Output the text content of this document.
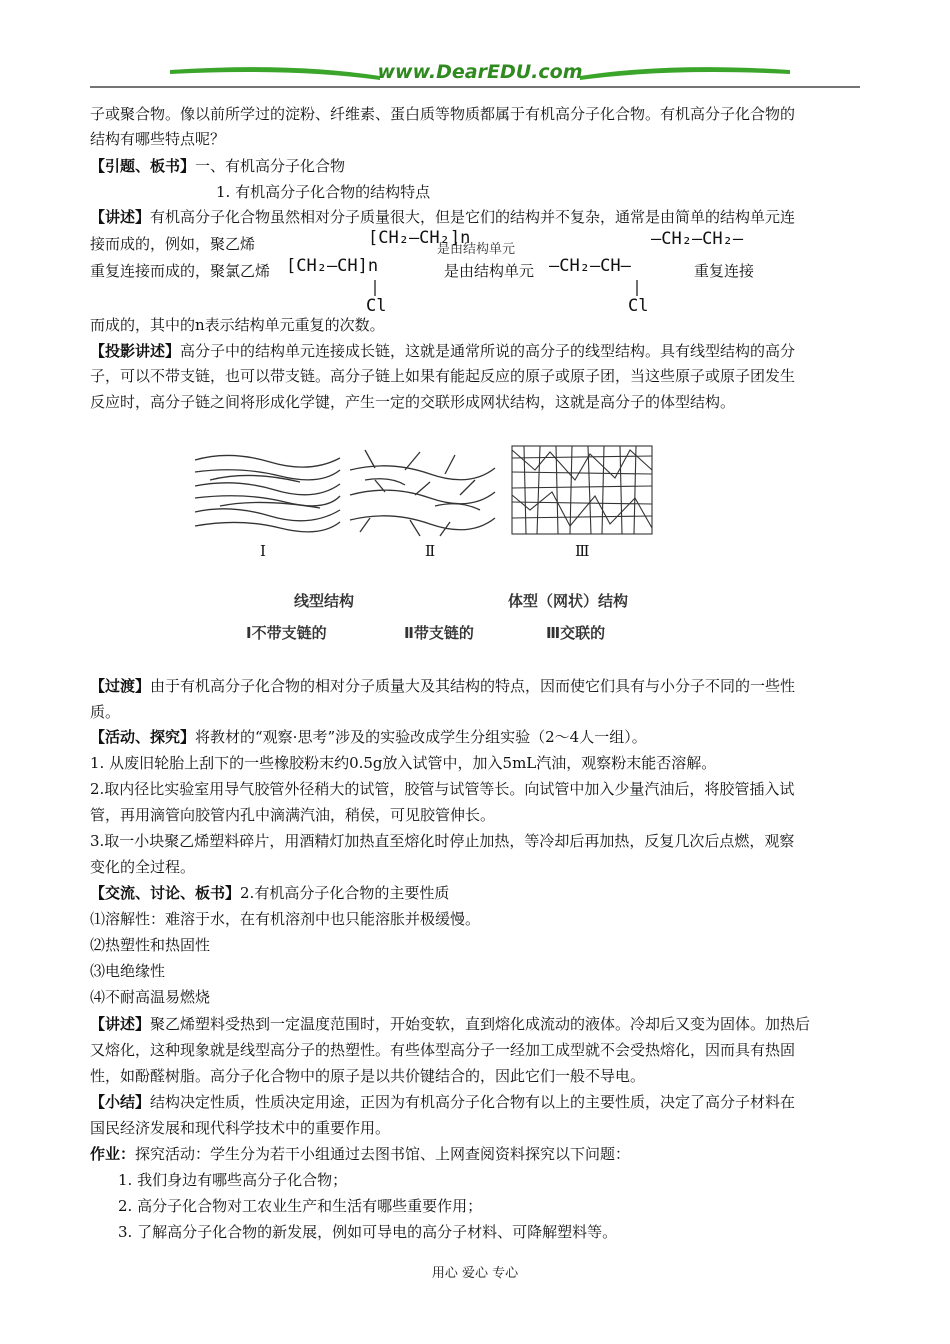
www.DearEDU.com
子或聚合物。像以前所学过的淀粉、纤维素、蛋白质等物质都属于有机高分子化合物。有机高分子化合物的
结构有哪些特点呢？
【引题、板书】一、有机高分子化合物
1. 有机高分子化合物的结构特点
【讲述】有机高分子化合物虽然相对分子质量很大，但是它们的结构并不复杂，通常是由简单的结构单元连
接而成的，例如，聚乙烯	[CH₂—CH₂]n
是由结构单元
—CH₂—CH₂—
重复连接而成的，聚氯乙烯 [CH₂—CH]n	是由结构单元 —CH₂—CH—	重复连接
Cl	Cl
而成的，其中的n表示结构单元重复的次数。
【投影讲述】高分子中的结构单元连接成长链，这就是通常所说的高分子的线型结构。具有线型结构的高分
子，可以不带支链，也可以带支链。高分子链上如果有能起反应的原子或原子团，当这些原子或原子团发生
反应时，高分子链之间将形成化学键，产生一定的交联形成网状结构，这就是高分子的体型结构。
Ⅰ	Ⅱ	Ⅲ
线型结构	体型（网状）结构
Ⅰ不带支链的	Ⅱ带支链的	Ⅲ交联的
【过渡】由于有机高分子化合物的相对分子质量大及其结构的特点，因而使它们具有与小分子不同的一些性
质。
【活动、探究】将教材的“观察·思考”涉及的实验改成学生分组实验（2～4人一组）。
1. 从废旧轮胎上刮下的一些橡胶粉末约0.5g放入试管中，加入5mL汽油，观察粉末能否溶解。
2.取内径比实验室用导气胶管外径稍大的试管，胶管与试管等长。向试管中加入少量汽油后，将胶管插入试
管，再用滴管向胶管内孔中滴满汽油，稍侯，可见胶管伸长。
3.取一小块聚乙烯塑料碎片，用酒精灯加热直至熔化时停止加热，等冷却后再加热，反复几次后点燃，观察
变化的全过程。
【交流、讨论、板书】2.有机高分子化合物的主要性质
⑴溶解性：难溶于水，在有机溶剂中也只能溶胀并极缓慢。
⑵热塑性和热固性
⑶电绝缘性
⑷不耐高温易燃烧
【讲述】聚乙烯塑料受热到一定温度范围时，开始变软，直到熔化成流动的液体。冷却后又变为固体。加热后
又熔化，这种现象就是线型高分子的热塑性。有些体型高分子一经加工成型就不会受热熔化，因而具有热固
性，如酚醛树脂。高分子化合物中的原子是以共价键结合的，因此它们一般不导电。
【小结】结构决定性质，性质决定用途，正因为有机高分子化合物有以上的主要性质，决定了高分子材料在
国民经济发展和现代科学技术中的重要作用。
作业：探究活动：学生分为若干小组通过去图书馆、上网查阅资料探究以下问题：
1. 我们身边有哪些高分子化合物；
2. 高分子化合物对工农业生产和生活有哪些重要作用；
3. 了解高分子化合物的新发展，例如可导电的高分子材料、可降解塑料等。
用心 爱心 专心
